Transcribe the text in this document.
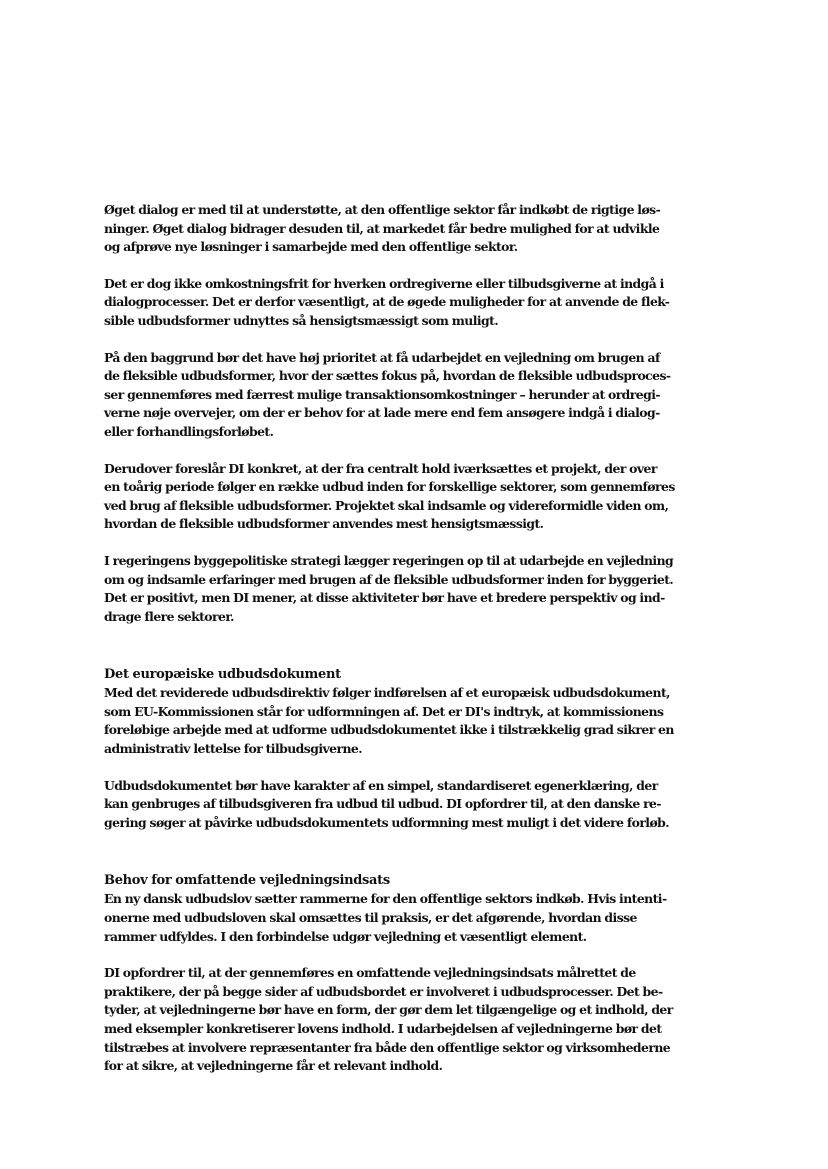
Øget dialog er med til at understøtte, at den offentlige sektor får indkøbt de rigtige løs-
ninger. Øget dialog bidrager desuden til, at markedet får bedre mulighed for at udvikle
og afprøve nye løsninger i samarbejde med den offentlige sektor.
Det er dog ikke omkostningsfrit for hverken ordregiverne eller tilbudsgiverne at indgå i
dialogprocesser. Det er derfor væsentligt, at de øgede muligheder for at anvende de flek-
sible udbudsformer udnyttes så hensigtsmæssigt som muligt.
På den baggrund bør det have høj prioritet at få udarbejdet en vejledning om brugen af
de fleksible udbudsformer, hvor der sættes fokus på, hvordan de fleksible udbudsproces-
ser gennemføres med færrest mulige transaktionsomkostninger – herunder at ordregi-
verne nøje overvejer, om der er behov for at lade mere end fem ansøgere indgå i dialog-
eller forhandlingsforløbet.
Derudover foreslår DI konkret, at der fra centralt hold iværksættes et projekt, der over
en toårig periode følger en række udbud inden for forskellige sektorer, som gennemføres
ved brug af fleksible udbudsformer. Projektet skal indsamle og videreformidle viden om,
hvordan de fleksible udbudsformer anvendes mest hensigtsmæssigt.
I regeringens byggepolitiske strategi lægger regeringen op til at udarbejde en vejledning
om og indsamle erfaringer med brugen af de fleksible udbudsformer inden for byggeriet.
Det er positivt, men DI mener, at disse aktiviteter bør have et bredere perspektiv og ind-
drage flere sektorer.
Det europæiske udbudsdokument
Med det reviderede udbudsdirektiv følger indførelsen af et europæisk udbudsdokument,
som EU-Kommissionen står for udformningen af. Det er DI's indtryk, at kommissionens
foreløbige arbejde med at udforme udbudsdokumentet ikke i tilstrækkelig grad sikrer en
administrativ lettelse for tilbudsgiverne.
Udbudsdokumentet bør have karakter af en simpel, standardiseret egenerklæring, der
kan genbruges af tilbudsgiveren fra udbud til udbud. DI opfordrer til, at den danske re-
gering søger at påvirke udbudsdokumentets udformning mest muligt i det videre forløb.
Behov for omfattende vejledningsindsats
En ny dansk udbudslov sætter rammerne for den offentlige sektors indkøb. Hvis intenti-
onerne med udbudsloven skal omsættes til praksis, er det afgørende, hvordan disse
rammer udfyldes. I den forbindelse udgør vejledning et væsentligt element.
DI opfordrer til, at der gennemføres en omfattende vejledningsindsats målrettet de
praktikere, der på begge sider af udbudsbordet er involveret i udbudsprocesser. Det be-
tyder, at vejledningerne bør have en form, der gør dem let tilgængelige og et indhold, der
med eksempler konkretiserer lovens indhold. I udarbejdelsen af vejledningerne bør det
tilstræbes at involvere repræsentanter fra både den offentlige sektor og virksomhederne
for at sikre, at vejledningerne får et relevant indhold.
